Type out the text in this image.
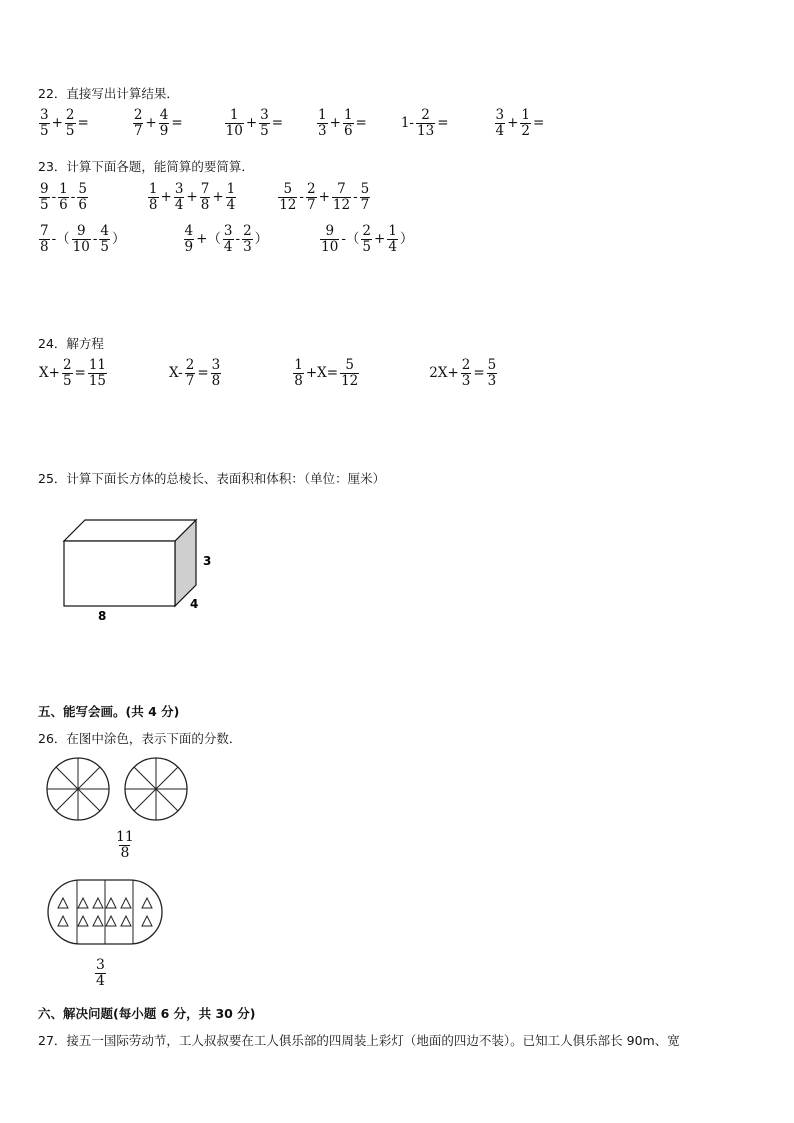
22．直接写出计算结果．
$\frac{3}{5} + \frac{2}{5}$ =	$\frac{2}{7} + \frac{4}{9}$ =	$\frac{1}{10} + \frac{3}{5}$ =	$\frac{1}{3} + \frac{1}{6}$ =	$1- \frac{2}{13}$ =	$\frac{3}{4} + \frac{1}{2}$ =
23．计算下面各题，能简算的要简算．
$\frac{9}{5} - \frac{1}{6} - \frac{5}{6}$	$\frac{1}{8} + \frac{3}{4} + \frac{7}{8} + \frac{1}{4}$	$\frac{5}{12} - \frac{2}{7} + \frac{7}{12} - \frac{5}{7}$
$\frac{7}{8}$ -（ $\frac{9}{10} - \frac{4}{5}$ ）	$\frac{4}{9}$ +（ $\frac{3}{4} - \frac{2}{3}$ ）	$\frac{9}{10}$ -（ $\frac{2}{5} + \frac{1}{4}$ ）
24．解方程
$X+ \frac{2}{5} = \frac{11}{15}$	$X- \frac{2}{7} = \frac{3}{8}$	$\frac{1}{8} +X= \frac{5}{12}$	$2X+ \frac{2}{3} = \frac{5}{3}$
25．计算下面长方体的总棱长、表面积和体积：（单位：厘米）
3
4
8
五、能写会画。(共 4 分)
26．在图中涂色，表示下面的分数．
$\frac{11}{8}$
$\frac{3}{4}$
六、解决问题(每小题 6 分，共 30 分)
27．接五一国际劳动节，工人叔叔要在工人俱乐部的四周装上彩灯（地面的四边不装）。已知工人俱乐部长 90m、宽
